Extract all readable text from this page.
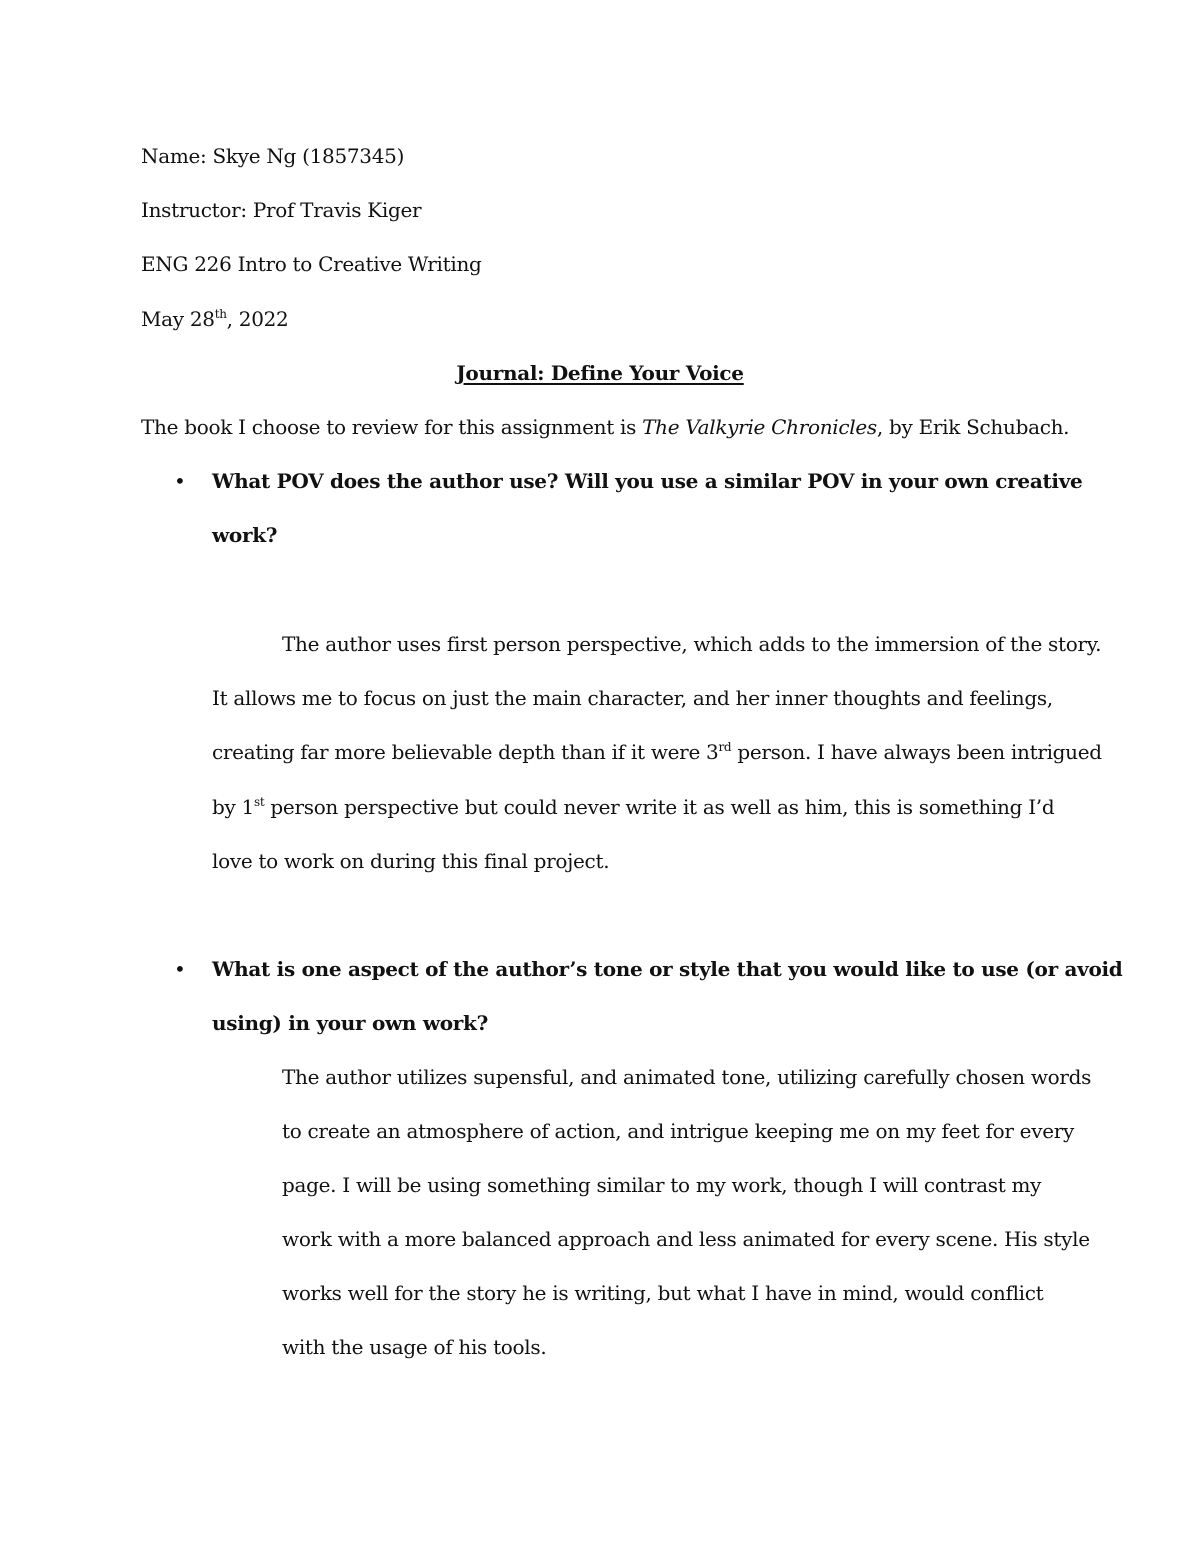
Name: Skye Ng (1857345)
Instructor: Prof Travis Kiger
ENG 226 Intro to Creative Writing
May 28th, 2022
Journal: Define Your Voice
The book I choose to review for this assignment is The Valkyrie Chronicles, by Erik Schubach.
• What POV does the author use? Will you use a similar POV in your own creative
work?
The author uses first person perspective, which adds to the immersion of the story.
It allows me to focus on just the main character, and her inner thoughts and feelings,
creating far more believable depth than if it were 3rd person. I have always been intrigued
by 1st person perspective but could never write it as well as him, this is something I’d
love to work on during this final project.
• What is one aspect of the author’s tone or style that you would like to use (or avoid
using) in your own work?
The author utilizes supensful, and animated tone, utilizing carefully chosen words
to create an atmosphere of action, and intrigue keeping me on my feet for every
page. I will be using something similar to my work, though I will contrast my
work with a more balanced approach and less animated for every scene. His style
works well for the story he is writing, but what I have in mind, would conflict
with the usage of his tools.
